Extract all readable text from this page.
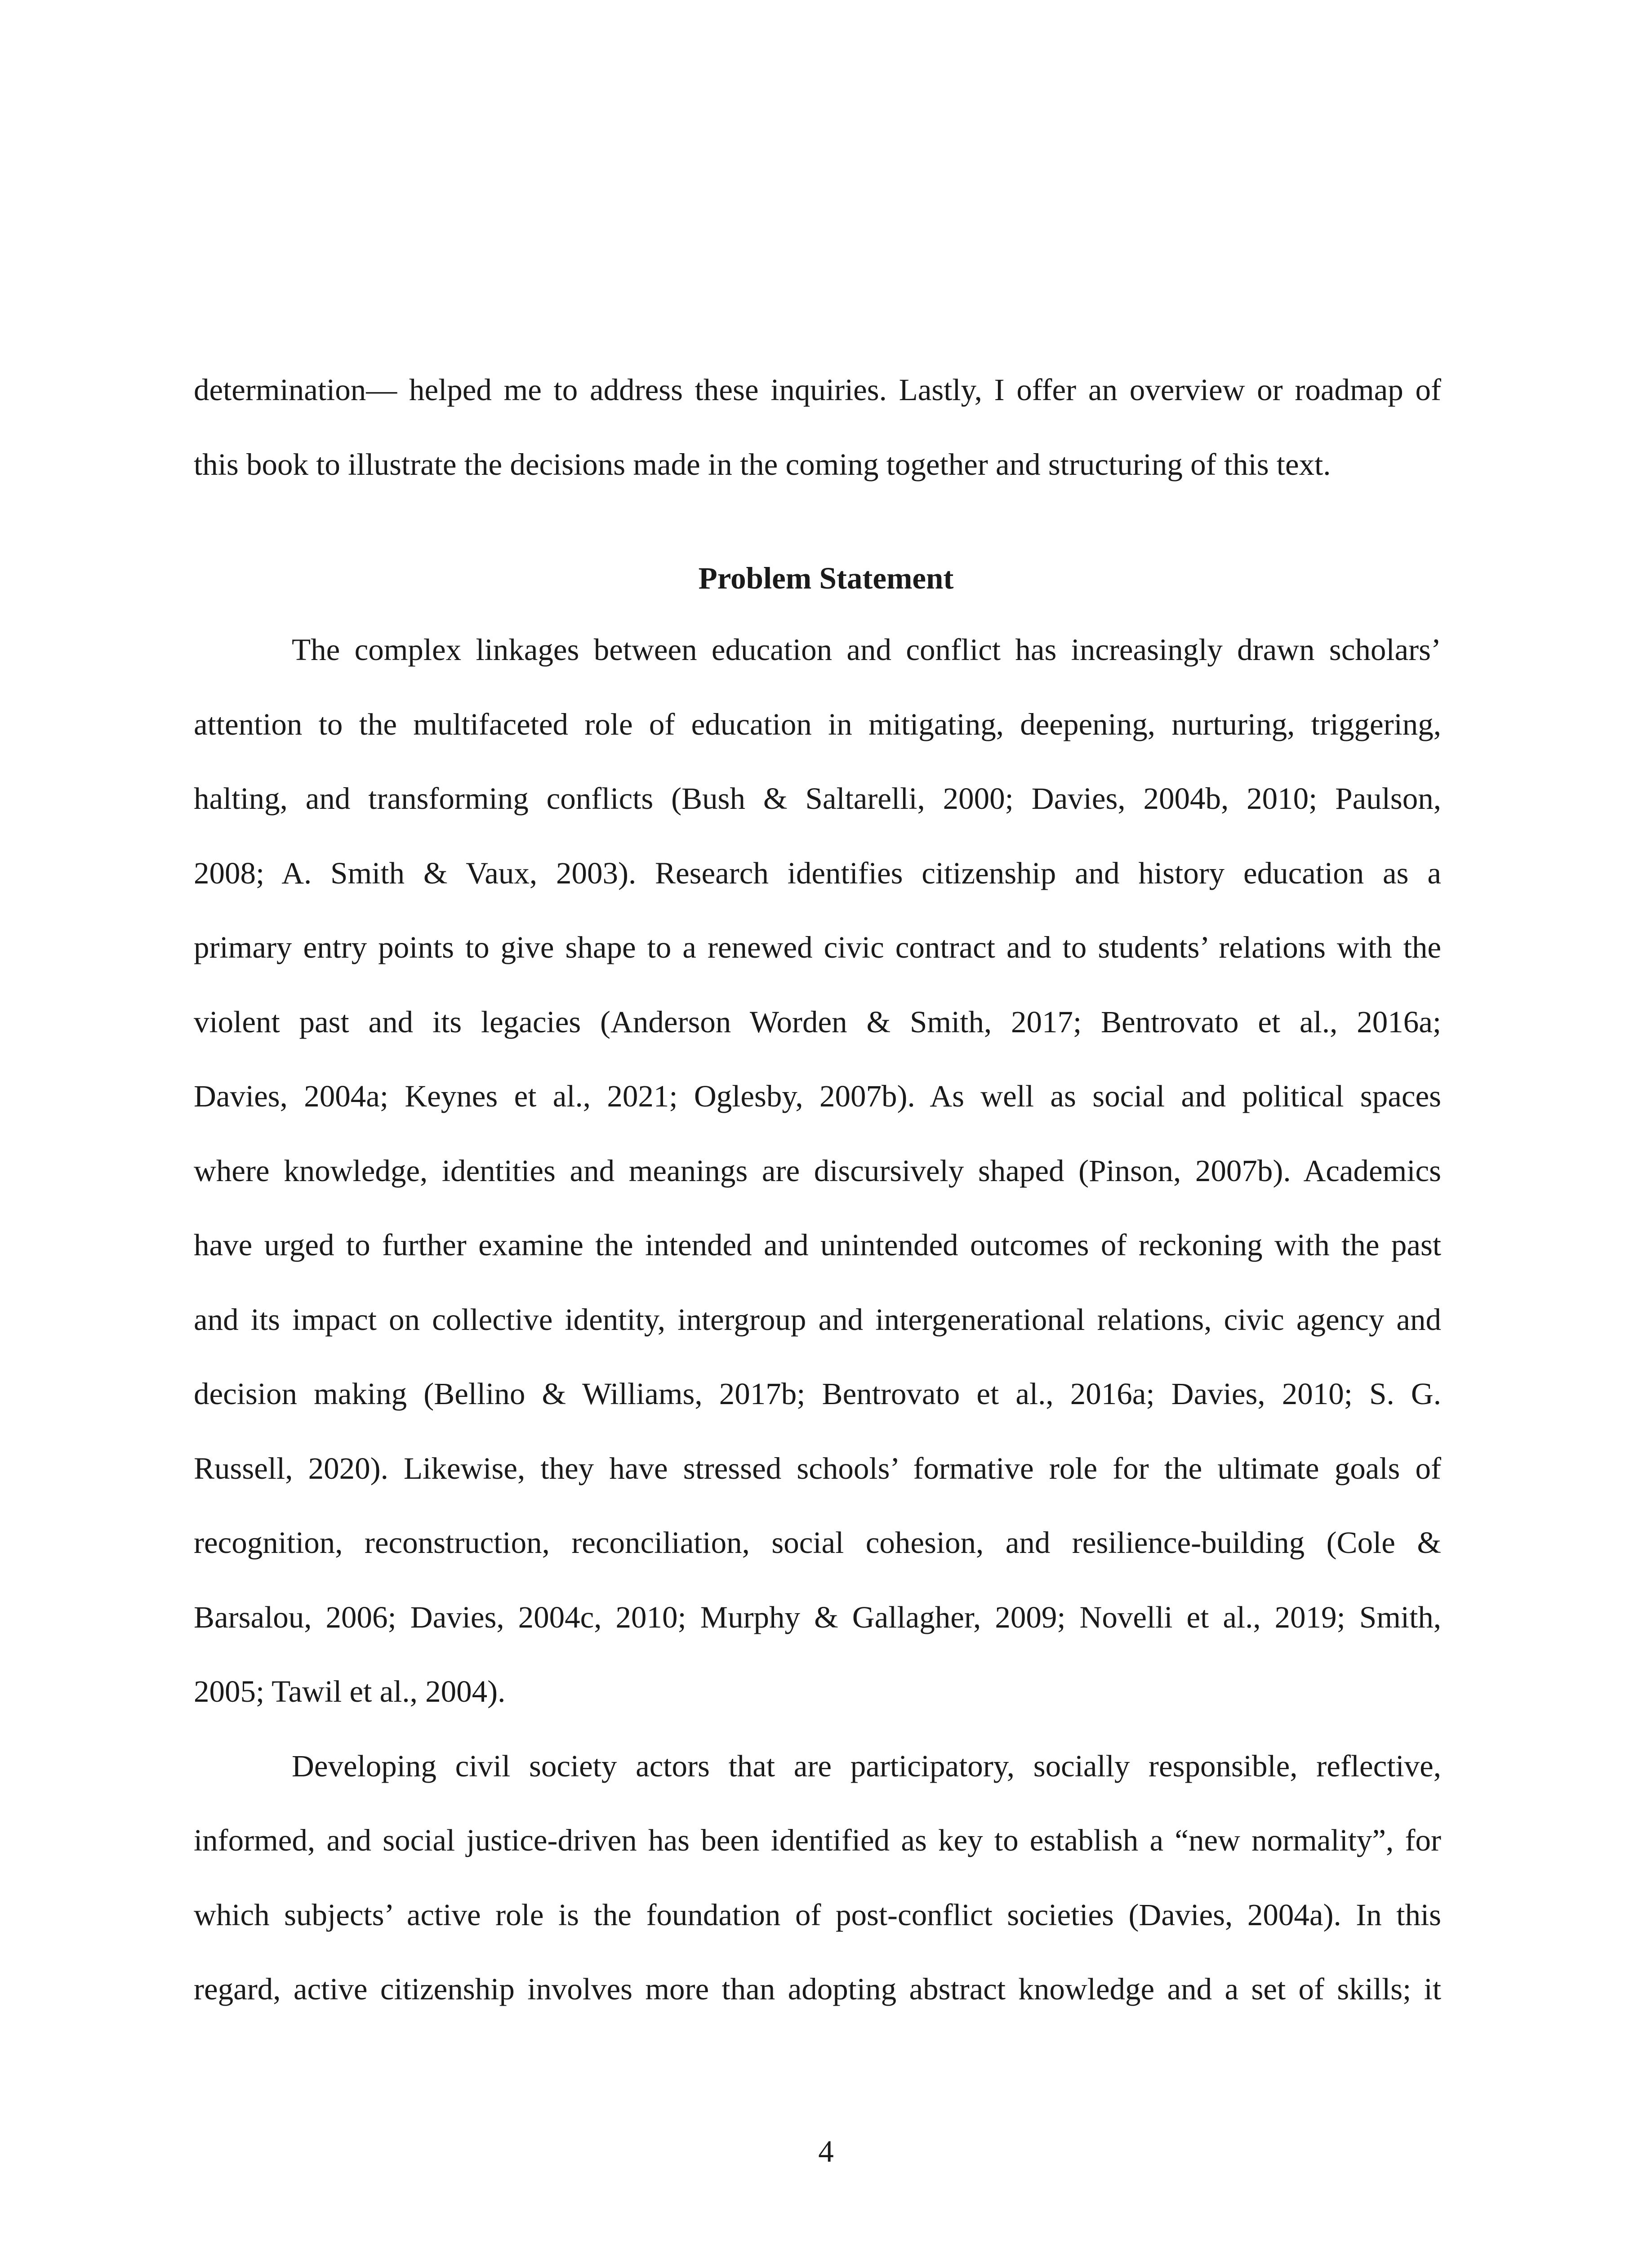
determination— helped me to address these inquiries. Lastly, I offer an overview or roadmap of
this book to illustrate the decisions made in the coming together and structuring of this text.
Problem Statement
The complex linkages between education and conflict has increasingly drawn scholars’
attention to the multifaceted role of education in mitigating, deepening, nurturing, triggering,
halting, and transforming conflicts (Bush & Saltarelli, 2000; Davies, 2004b, 2010; Paulson,
2008; A. Smith & Vaux, 2003). Research identifies citizenship and history education as a
primary entry points to give shape to a renewed civic contract and to students’ relations with the
violent past and its legacies (Anderson Worden & Smith, 2017; Bentrovato et al., 2016a;
Davies, 2004a; Keynes et al., 2021; Oglesby, 2007b). As well as social and political spaces
where knowledge, identities and meanings are discursively shaped (Pinson, 2007b). Academics
have urged to further examine the intended and unintended outcomes of reckoning with the past
and its impact on collective identity, intergroup and intergenerational relations, civic agency and
decision making (Bellino & Williams, 2017b; Bentrovato et al., 2016a; Davies, 2010; S. G.
Russell, 2020). Likewise, they have stressed schools’ formative role for the ultimate goals of
recognition, reconstruction, reconciliation, social cohesion, and resilience-building (Cole &
Barsalou, 2006; Davies, 2004c, 2010; Murphy & Gallagher, 2009; Novelli et al., 2019; Smith,
2005; Tawil et al., 2004).
Developing civil society actors that are participatory, socially responsible, reflective,
informed, and social justice-driven has been identified as key to establish a “new normality”, for
which subjects’ active role is the foundation of post-conflict societies (Davies, 2004a). In this
regard, active citizenship involves more than adopting abstract knowledge and a set of skills; it
4
